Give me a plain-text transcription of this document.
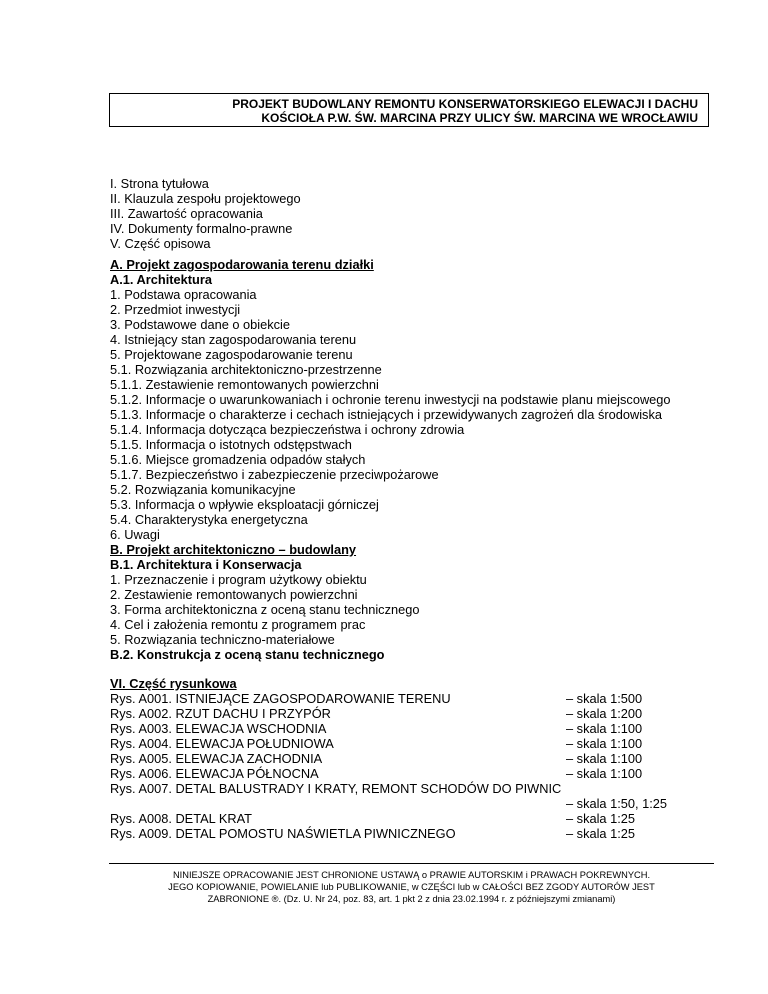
PROJEKT BUDOWLANY REMONTU KONSERWATORSKIEGO ELEWACJI I DACHU
KOŚCIOŁA P.W. ŚW. MARCINA PRZY ULICY ŚW. MARCINA WE WROCŁAWIU
I. Strona tytułowa
II. Klauzula zespołu projektowego
III. Zawartość opracowania
IV. Dokumenty formalno-prawne
V. Część opisowa
A. Projekt zagospodarowania terenu działki
A.1. Architektura
1. Podstawa opracowania
2. Przedmiot inwestycji
3. Podstawowe dane o obiekcie
4. Istniejący stan zagospodarowania terenu
5. Projektowane zagospodarowanie terenu
5.1. Rozwiązania architektoniczno-przestrzenne
5.1.1. Zestawienie remontowanych powierzchni
5.1.2. Informacje o uwarunkowaniach i ochronie terenu inwestycji na podstawie planu miejscowego
5.1.3. Informacje o charakterze i cechach istniejących i przewidywanych zagrożeń dla środowiska
5.1.4. Informacja dotycząca bezpieczeństwa i ochrony zdrowia
5.1.5. Informacja o istotnych odstępstwach
5.1.6. Miejsce gromadzenia odpadów stałych
5.1.7. Bezpieczeństwo i zabezpieczenie przeciwpożarowe
5.2. Rozwiązania komunikacyjne
5.3. Informacja o wpływie eksploatacji górniczej
5.4. Charakterystyka energetyczna
6. Uwagi
B. Projekt architektoniczno – budowlany
B.1. Architektura i Konserwacja
1. Przeznaczenie i program użytkowy obiektu
2. Zestawienie remontowanych powierzchni
3. Forma architektoniczna z oceną stanu technicznego
4. Cel i założenia remontu z programem prac
5. Rozwiązania techniczno-materiałowe
B.2. Konstrukcja z oceną stanu technicznego
VI. Część rysunkowa
Rys. A001. ISTNIEJĄCE ZAGOSPODAROWANIE TERENU	– skala 1:500
Rys. A002. RZUT DACHU I PRZYPÓR	– skala 1:200
Rys. A003. ELEWACJA WSCHODNIA	– skala 1:100
Rys. A004. ELEWACJA POŁUDNIOWA	– skala 1:100
Rys. A005. ELEWACJA ZACHODNIA	– skala 1:100
Rys. A006. ELEWACJA PÓŁNOCNA	– skala 1:100
Rys. A007. DETAL BALUSTRADY I KRATY, REMONT SCHODÓW DO PIWNIC
– skala 1:50, 1:25
Rys. A008. DETAL KRAT	– skala 1:25
Rys. A009. DETAL POMOSTU NAŚWIETLA PIWNICZNEGO	– skala 1:25
NINIEJSZE OPRACOWANIE JEST CHRONIONE USTAWĄ o PRAWIE AUTORSKIM i PRAWACH POKREWNYCH.
JEGO KOPIOWANIE, POWIELANIE lub PUBLIKOWANIE, w CZĘŚCI lub w CAŁOŚCI BEZ ZGODY AUTORÓW JEST
ZABRONIONE ®. (Dz. U. Nr 24, poz. 83, art. 1 pkt 2 z dnia 23.02.1994 r. z późniejszymi zmianami)
